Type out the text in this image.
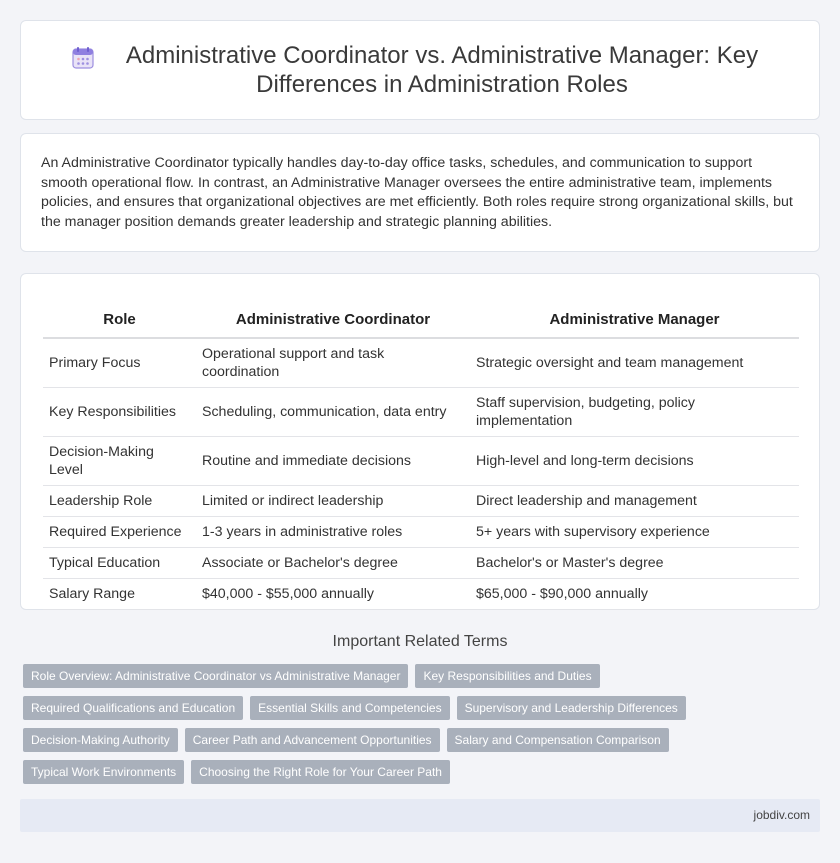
Administrative Coordinator vs. Administrative Manager: Key Differences in Administration Roles

An Administrative Coordinator typically handles day-to-day office tasks, schedules, and communication to support smooth operational flow. In contrast, an Administrative Manager oversees the entire administrative team, implements policies, and ensures that organizational objectives are met efficiently. Both roles require strong organizational skills, but the manager position demands greater leadership and strategic planning abilities.

Role	Administrative Coordinator	Administrative Manager
Primary Focus	Operational support and task coordination	Strategic oversight and team management
Key Responsibilities	Scheduling, communication, data entry	Staff supervision, budgeting, policy implementation
Decision-Making Level	Routine and immediate decisions	High-level and long-term decisions
Leadership Role	Limited or indirect leadership	Direct leadership and management
Required Experience	1-3 years in administrative roles	5+ years with supervisory experience
Typical Education	Associate or Bachelor's degree	Bachelor's or Master's degree
Salary Range	$40,000 - $55,000 annually	$65,000 - $90,000 annually
Important Related Terms
Role Overview: Administrative Coordinator vs Administrative Manager	Key Responsibilities and Duties
Required Qualifications and Education	Essential Skills and Competencies	Supervisory and Leadership Differences
Decision-Making Authority	Career Path and Advancement Opportunities	Salary and Compensation Comparison
Typical Work Environments	Choosing the Right Role for Your Career Path
jobdiv.com
